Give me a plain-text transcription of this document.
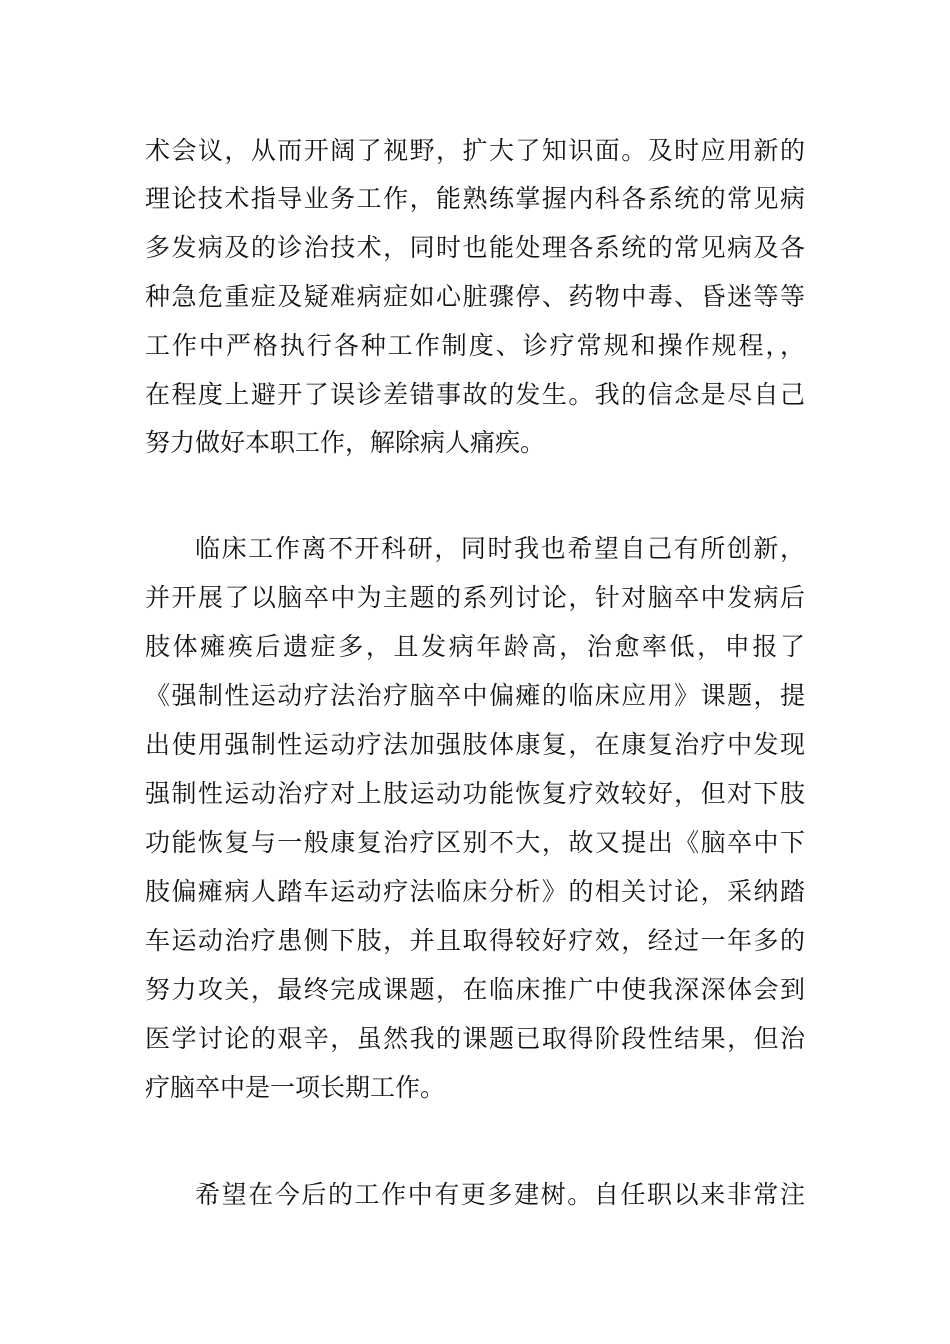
术会议，从而开阔了视野，扩大了知识面。及时应用新的
理论技术指导业务工作，能熟练掌握内科各系统的常见病
多发病及的诊治技术，同时也能处理各系统的常见病及各
种急危重症及疑难病症如心脏骤停、药物中毒、昏迷等等
工作中严格执行各种工作制度、诊疗常规和操作规程，，
在程度上避开了误诊差错事故的发生。我的信念是尽自己
努力做好本职工作，解除病人痛疾。
临床工作离不开科研，同时我也希望自己有所创新，
并开展了以脑卒中为主题的系列讨论，针对脑卒中发病后
肢体瘫痪后遗症多，且发病年龄高，治愈率低，申报了
《强制性运动疗法治疗脑卒中偏瘫的临床应用》课题，提
出使用强制性运动疗法加强肢体康复，在康复治疗中发现
强制性运动治疗对上肢运动功能恢复疗效较好，但对下肢
功能恢复与一般康复治疗区别不大，故又提出《脑卒中下
肢偏瘫病人踏车运动疗法临床分析》的相关讨论，采纳踏
车运动治疗患侧下肢，并且取得较好疗效，经过一年多的
努力攻关，最终完成课题，在临床推广中使我深深体会到
医学讨论的艰辛，虽然我的课题已取得阶段性结果，但治
疗脑卒中是一项长期工作。
希望在今后的工作中有更多建树。自任职以来非常注
